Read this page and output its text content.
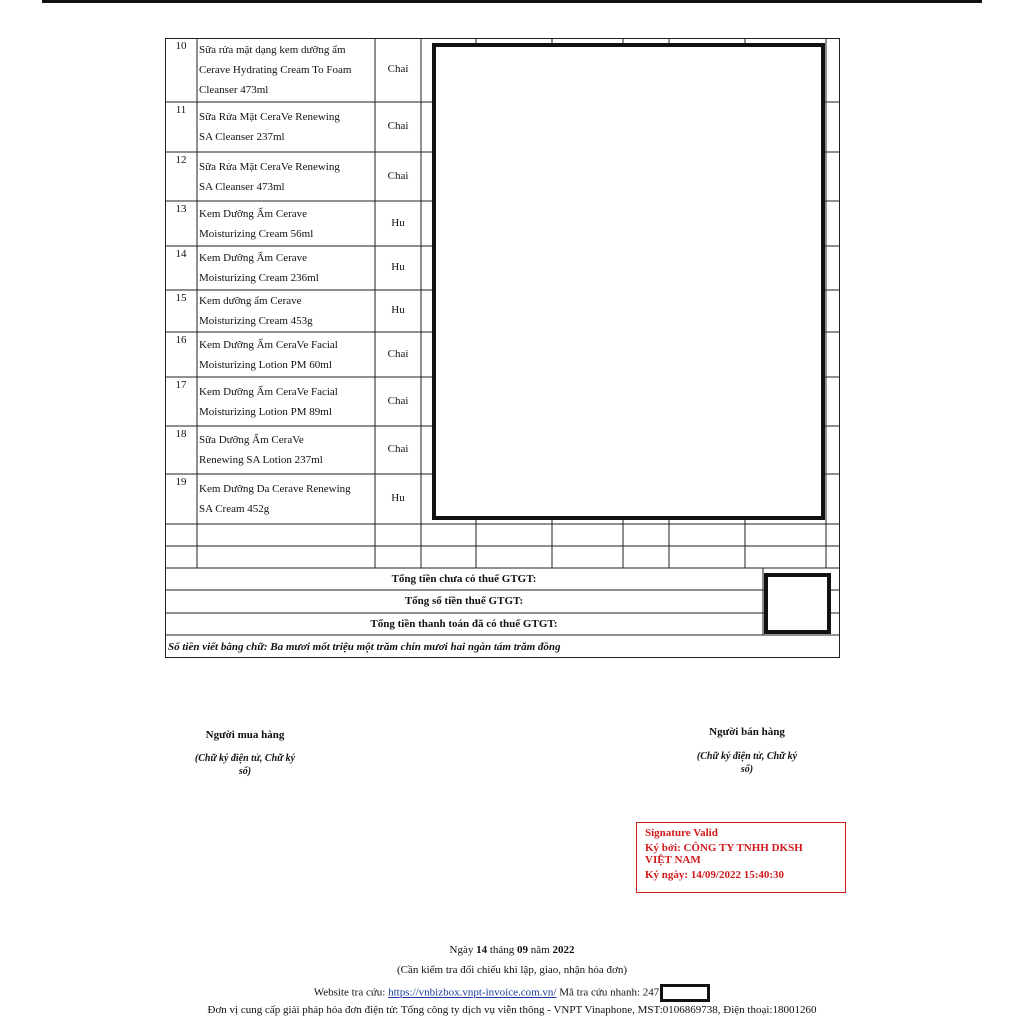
10	Sữa rửa mặt dạng kem dưỡng ẩm
Cerave Hydrating Cream To Foam
Cleanser 473ml
Chai
11
Sữa Rửa Mặt CeraVe Renewing
SA Cleanser 237ml
Chai
12
Sữa Rửa Mặt CeraVe Renewing
SA Cleanser 473ml
Chai
13	Kem Dưỡng Ẩm Cerave
Moisturizing Cream 56ml
Hu
14	Kem Dưỡng Ẩm Cerave
Moisturizing Cream 236ml
Hu
15	Kem dưỡng ẩm Cerave
Moisturizing Cream 453g
Hu
16	Kem Dưỡng Ẩm CeraVe Facial
Moisturizing Lotion PM 60ml
Chai
17
Kem Dưỡng Ẩm CeraVe Facial
Moisturizing Lotion PM 89ml
Chai
18	Sữa Dưỡng Ẩm CeraVe
Renewing SA Lotion 237ml
Chai
19
Kem Dưỡng Da Cerave Renewing
SA Cream 452g
Hu
Tổng tiền chưa có thuế GTGT:
Tổng số tiền thuế GTGT:
Tổng tiền thanh toán đã có thuế GTGT:
Số tiền viết bằng chữ: Ba mươi mốt triệu một trăm chín mươi hai ngàn tám trăm đồng
Người mua hàng
(Chữ ký điện tử, Chữ ký
số)
Người bán hàng
(Chữ ký điện tử, Chữ ký
số)
Signature Valid
Ký bởi: CÔNG TY TNHH DKSH
VIỆT NAM
Ký ngày: 14/09/2022 15:40:30
Ngày 14 tháng 09 năm 2022
(Cần kiểm tra đối chiếu khi lập, giao, nhận hóa đơn)
Website tra cứu: https://vnbizbox.vnpt-invoice.com.vn/ Mã tra cứu nhanh: 247
Đơn vị cung cấp giải pháp hóa đơn điện tử: Tổng công ty dịch vụ viễn thông - VNPT Vinaphone, MST:0106869738, Điện thoại:18001260
